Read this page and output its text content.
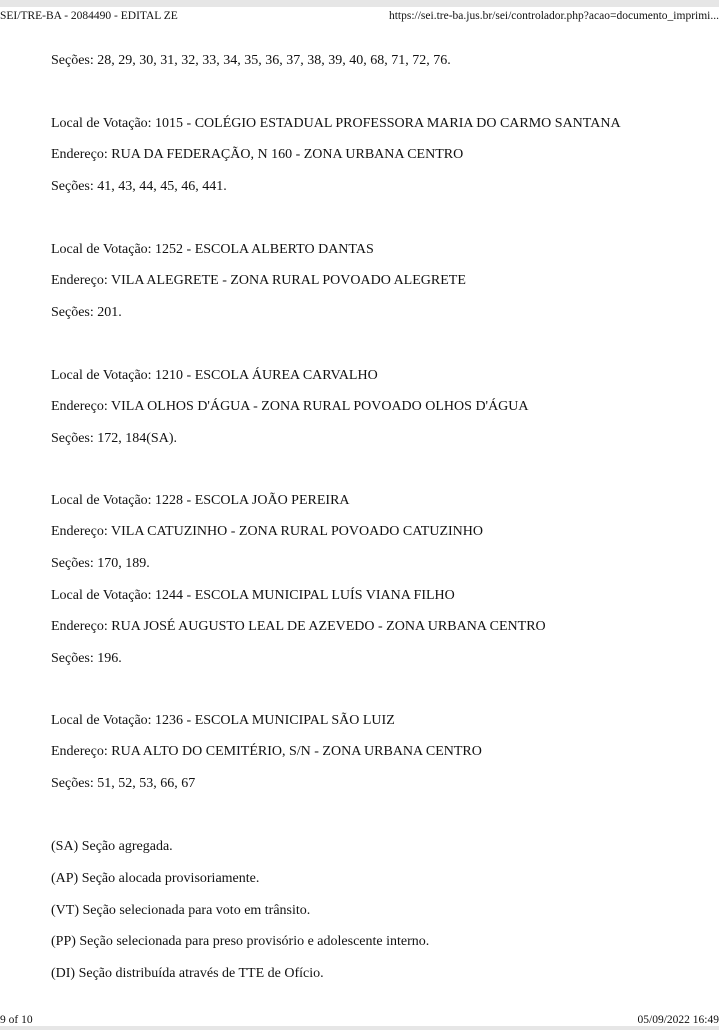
SEI/TRE-BA - 2084490 - EDITAL ZE	https://sei.tre-ba.jus.br/sei/controlador.php?acao=documento_imprimi...
Seções: 28, 29, 30, 31, 32, 33, 34, 35, 36, 37, 38, 39, 40, 68, 71, 72, 76.
Local de Votação: 1015 - COLÉGIO ESTADUAL PROFESSORA MARIA DO CARMO SANTANA
Endereço: RUA DA FEDERAÇÃO, N 160 - ZONA URBANA CENTRO
Seções: 41, 43, 44, 45, 46, 441.
Local de Votação: 1252 - ESCOLA ALBERTO DANTAS
Endereço: VILA ALEGRETE - ZONA RURAL POVOADO ALEGRETE
Seções: 201.
Local de Votação: 1210 - ESCOLA ÁUREA CARVALHO
Endereço: VILA OLHOS D'ÁGUA - ZONA RURAL POVOADO OLHOS D'ÁGUA
Seções: 172, 184(SA).
Local de Votação: 1228 - ESCOLA JOÃO PEREIRA
Endereço: VILA CATUZINHO - ZONA RURAL POVOADO CATUZINHO
Seções: 170, 189.
Local de Votação: 1244 - ESCOLA MUNICIPAL LUÍS VIANA FILHO
Endereço: RUA JOSÉ AUGUSTO LEAL DE AZEVEDO - ZONA URBANA CENTRO
Seções: 196.
Local de Votação: 1236 - ESCOLA MUNICIPAL SÃO LUIZ
Endereço: RUA ALTO DO CEMITÉRIO, S/N - ZONA URBANA CENTRO
Seções: 51, 52, 53, 66, 67
(SA) Seção agregada.
(AP) Seção alocada provisoriamente.
(VT) Seção selecionada para voto em trânsito.
(PP) Seção selecionada para preso provisório e adolescente interno.
(DI) Seção distribuída através de TTE de Ofício.
9 of 10	05/09/2022 16:49
